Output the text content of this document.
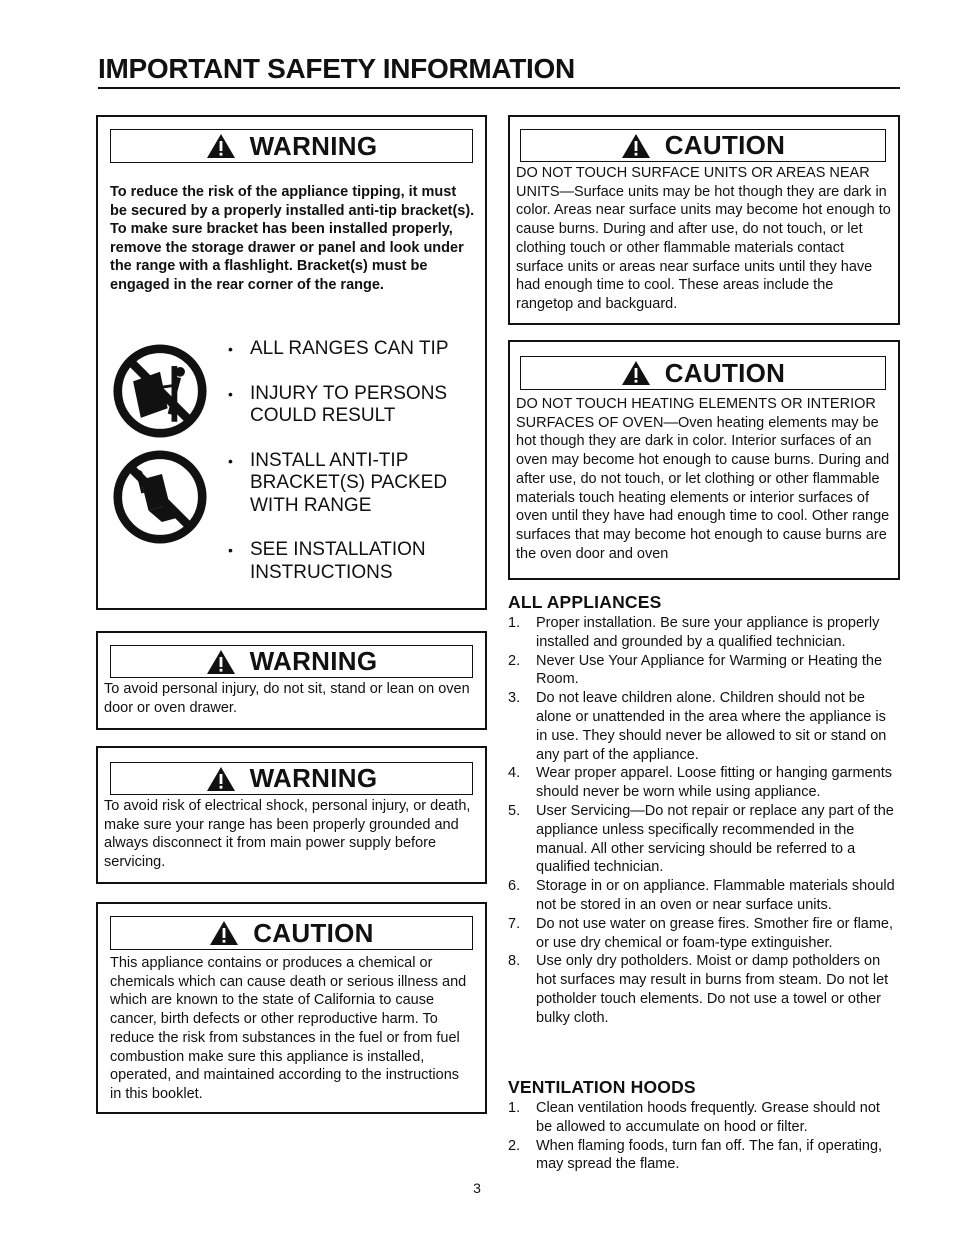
IMPORTANT SAFETY INFORMATION
WARNING
To reduce the risk of the appliance tipping, it must be secured by a properly installed anti-tip bracket(s). To make sure bracket has been installed properly, remove the storage drawer or panel and look under the range with a flashlight. Bracket(s) must be engaged in the rear corner of the range.
• ALL RANGES CAN TIP
• INJURY TO PERSONS COULD RESULT
• INSTALL ANTI-TIP BRACKET(S) PACKED WITH RANGE
• SEE INSTALLATION INSTRUCTIONS
WARNING
To avoid personal injury, do not sit, stand or lean on oven door or oven drawer.
WARNING
To avoid risk of electrical shock, personal injury, or death, make sure your range has been properly grounded and always disconnect it from main power supply before servicing.
CAUTION
This appliance contains or produces a chemical or chemicals which can cause death or serious illness and which are known to the state of California to cause cancer, birth defects or other reproductive harm. To reduce the risk from substances in the fuel or from fuel combustion make sure this appliance is installed, operated, and maintained according to the instructions in this booklet.
CAUTION
DO NOT TOUCH SURFACE UNITS OR AREAS NEAR UNITS—Surface units may be hot though they are dark in color. Areas near surface units may become hot enough to cause burns. During and after use, do not touch, or let clothing touch or other flammable materials contact surface units or areas near surface units until they have had enough time to cool. These areas include the rangetop and backguard.
CAUTION
DO NOT TOUCH HEATING ELEMENTS OR INTERIOR SURFACES OF OVEN—Oven heating elements may be hot though they are dark in color. Interior surfaces of an oven may become hot enough to cause burns. During and after use, do not touch, or let clothing or other flammable materials touch heating elements or interior surfaces of oven until they have had enough time to cool. Other range surfaces that may become hot enough to cause burns are the oven door and oven
ALL APPLIANCES
1. Proper installation. Be sure your appliance is properly installed and grounded by a qualified technician.
2. Never Use Your Appliance for Warming or Heating the Room.
3. Do not leave children alone. Children should not be alone or unattended in the area where the appliance is in use. They should never be allowed to sit or stand on any part of the appliance.
4. Wear proper apparel. Loose fitting or hanging garments should never be worn while using appliance.
5. User Servicing—Do not repair or replace any part of the appliance unless specifically recommended in the manual. All other servicing should be referred to a qualified technician.
6. Storage in or on appliance. Flammable materials should not be stored in an oven or near surface units.
7. Do not use water on grease fires. Smother fire or flame, or use dry chemical or foam-type extinguisher.
8. Use only dry potholders. Moist or damp potholders on hot surfaces may result in burns from steam. Do not let potholder touch elements. Do not use a towel or other bulky cloth.
VENTILATION HOODS
1. Clean ventilation hoods frequently. Grease should not be allowed to accumulate on hood or filter.
2. When flaming foods, turn fan off. The fan, if operating, may spread the flame.
3
